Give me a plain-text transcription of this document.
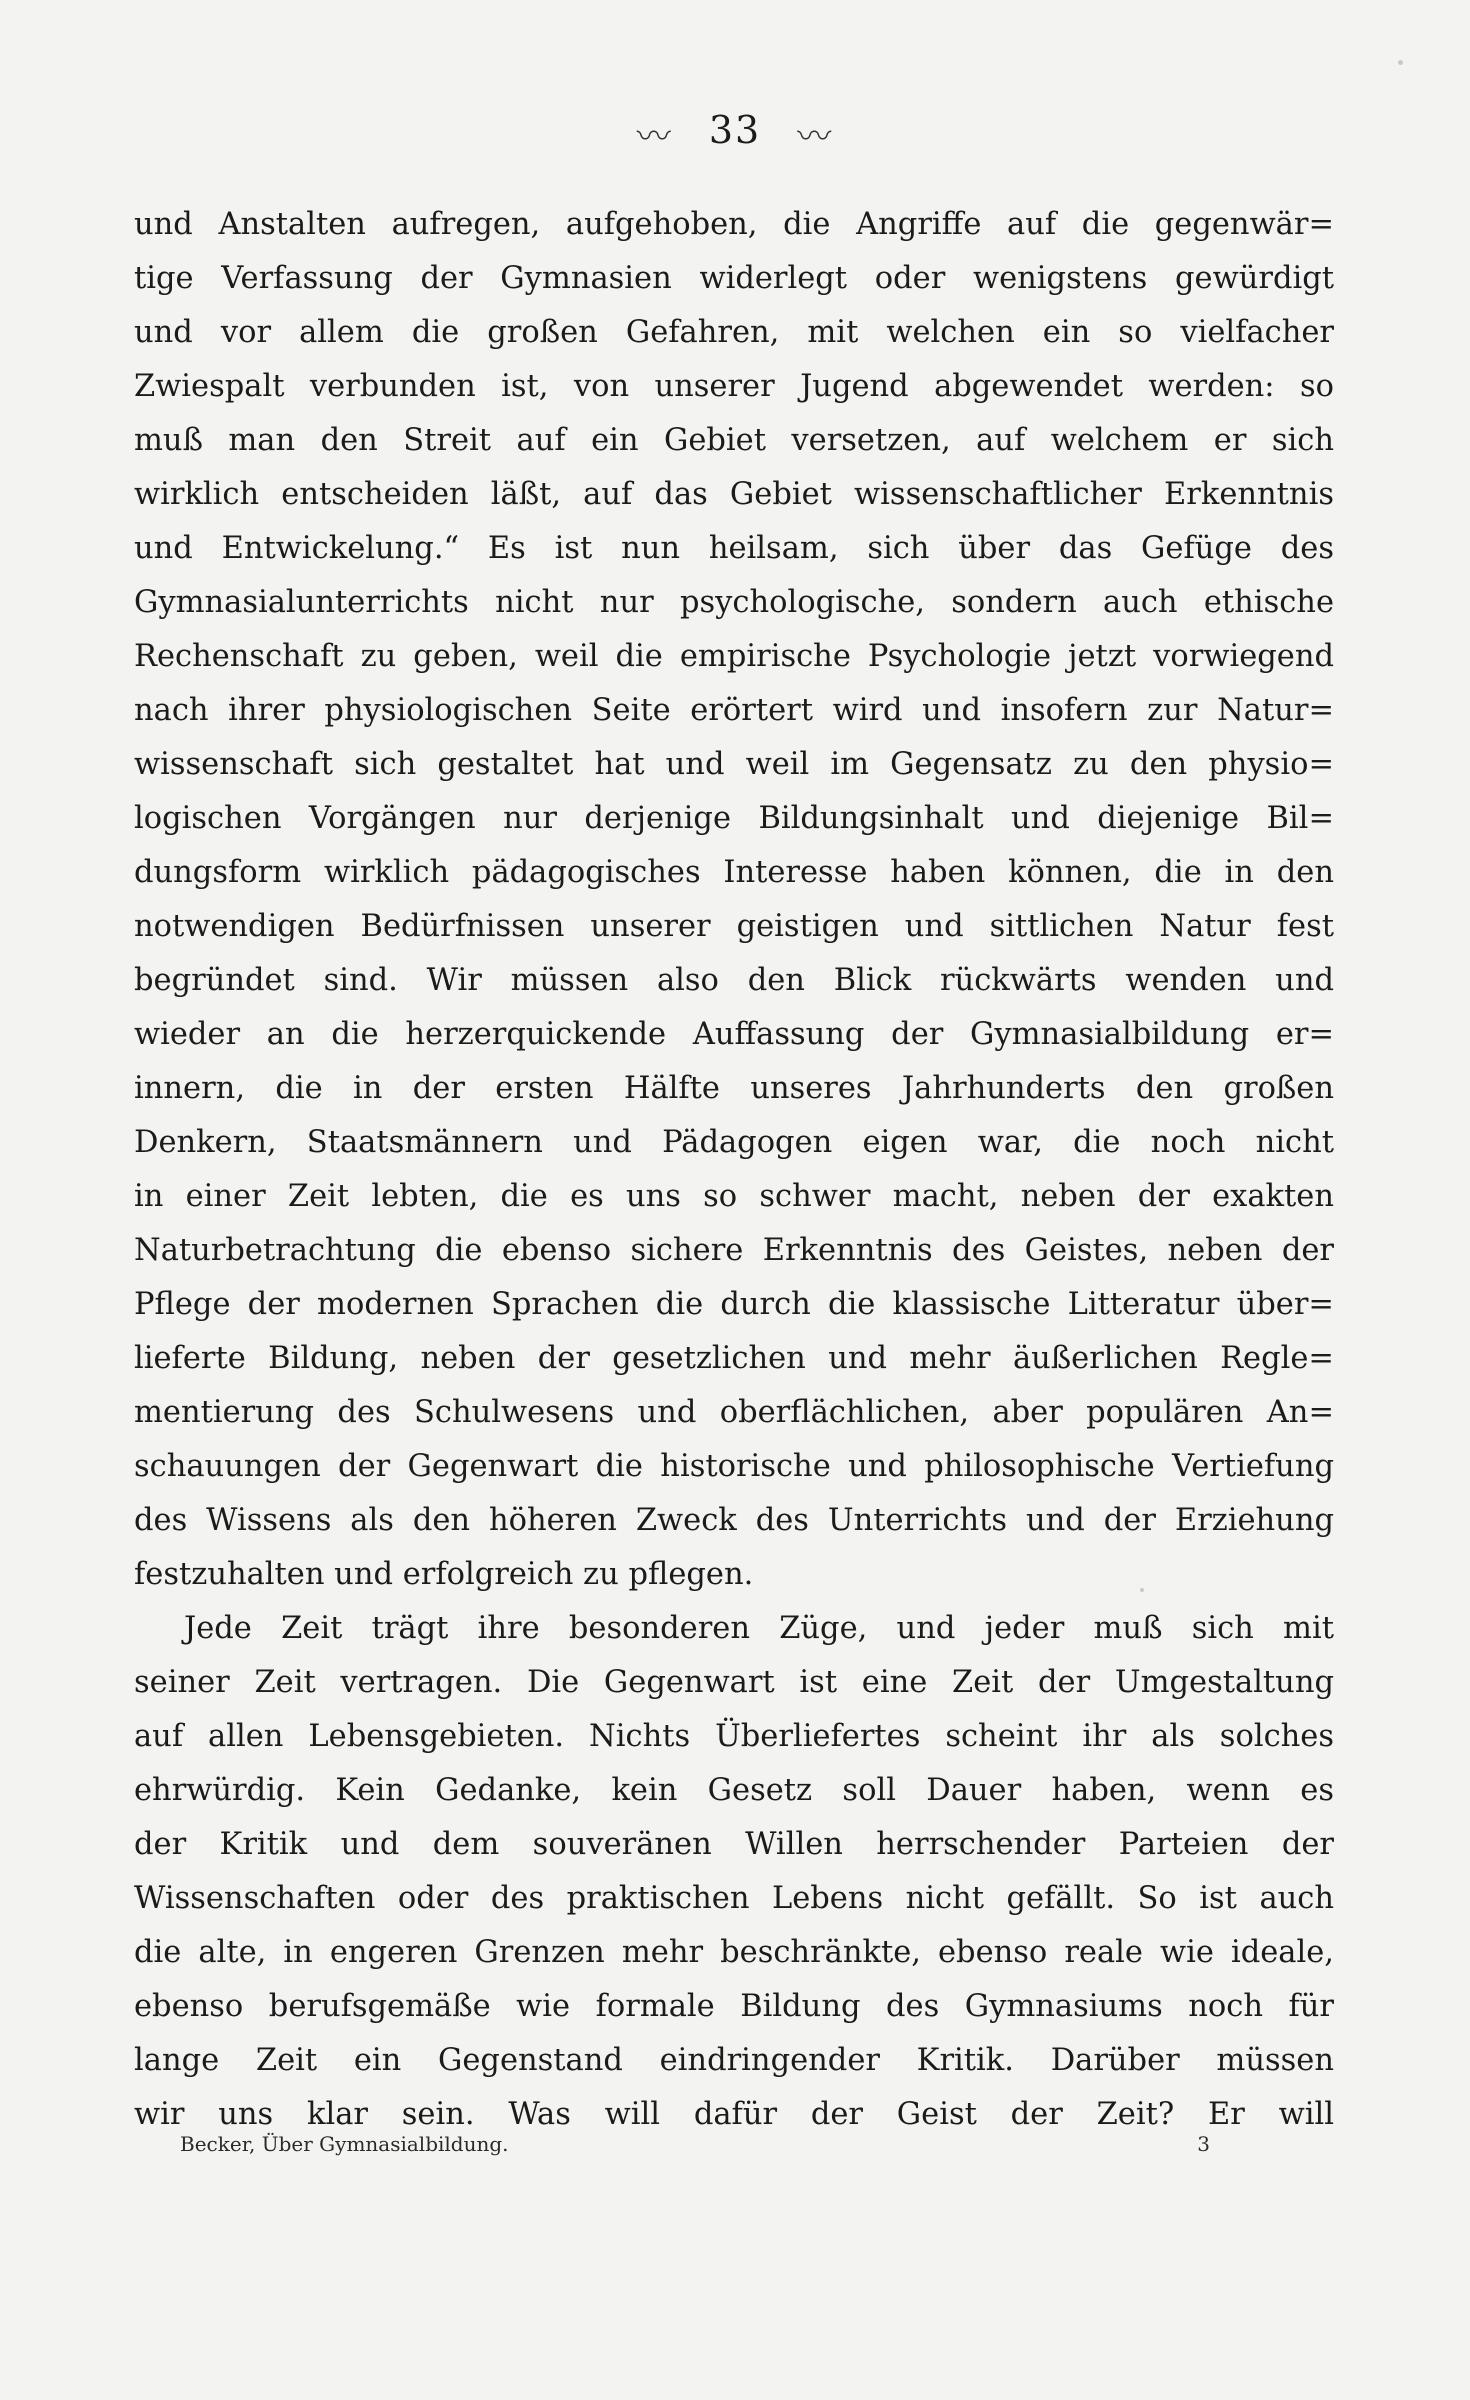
〰 33 〰
und Anstalten aufregen, aufgehoben, die Angriffe auf die gegenwär=
tige Verfassung der Gymnasien widerlegt oder wenigstens gewürdigt
und vor allem die großen Gefahren, mit welchen ein so vielfacher
Zwiespalt verbunden ist, von unserer Jugend abgewendet werden: so
muß man den Streit auf ein Gebiet versetzen, auf welchem er sich
wirklich entscheiden läßt, auf das Gebiet wissenschaftlicher Erkenntnis
und Entwickelung.“ Es ist nun heilsam, sich über das Gefüge des
Gymnasialunterrichts nicht nur psychologische, sondern auch ethische
Rechenschaft zu geben, weil die empirische Psychologie jetzt vorwiegend
nach ihrer physiologischen Seite erörtert wird und insofern zur Natur=
wissenschaft sich gestaltet hat und weil im Gegensatz zu den physio=
logischen Vorgängen nur derjenige Bildungsinhalt und diejenige Bil=
dungsform wirklich pädagogisches Interesse haben können, die in den
notwendigen Bedürfnissen unserer geistigen und sittlichen Natur fest
begründet sind. Wir müssen also den Blick rückwärts wenden und
wieder an die herzerquickende Auffassung der Gymnasialbildung er=
innern, die in der ersten Hälfte unseres Jahrhunderts den großen
Denkern, Staatsmännern und Pädagogen eigen war, die noch nicht
in einer Zeit lebten, die es uns so schwer macht, neben der exakten
Naturbetrachtung die ebenso sichere Erkenntnis des Geistes, neben der
Pflege der modernen Sprachen die durch die klassische Litteratur über=
lieferte Bildung, neben der gesetzlichen und mehr äußerlichen Regle=
mentierung des Schulwesens und oberflächlichen, aber populären An=
schauungen der Gegenwart die historische und philosophische Vertiefung
des Wissens als den höheren Zweck des Unterrichts und der Erziehung
festzuhalten und erfolgreich zu pflegen.
Jede Zeit trägt ihre besonderen Züge, und jeder muß sich mit
seiner Zeit vertragen. Die Gegenwart ist eine Zeit der Umgestaltung
auf allen Lebensgebieten. Nichts Überliefertes scheint ihr als solches
ehrwürdig. Kein Gedanke, kein Gesetz soll Dauer haben, wenn es
der Kritik und dem souveränen Willen herrschender Parteien der
Wissenschaften oder des praktischen Lebens nicht gefällt. So ist auch
die alte, in engeren Grenzen mehr beschränkte, ebenso reale wie ideale,
ebenso berufsgemäße wie formale Bildung des Gymnasiums noch für
lange Zeit ein Gegenstand eindringender Kritik. Darüber müssen
wir uns klar sein. Was will dafür der Geist der Zeit? Er will
Becker, Über Gymnasialbildung.	3
